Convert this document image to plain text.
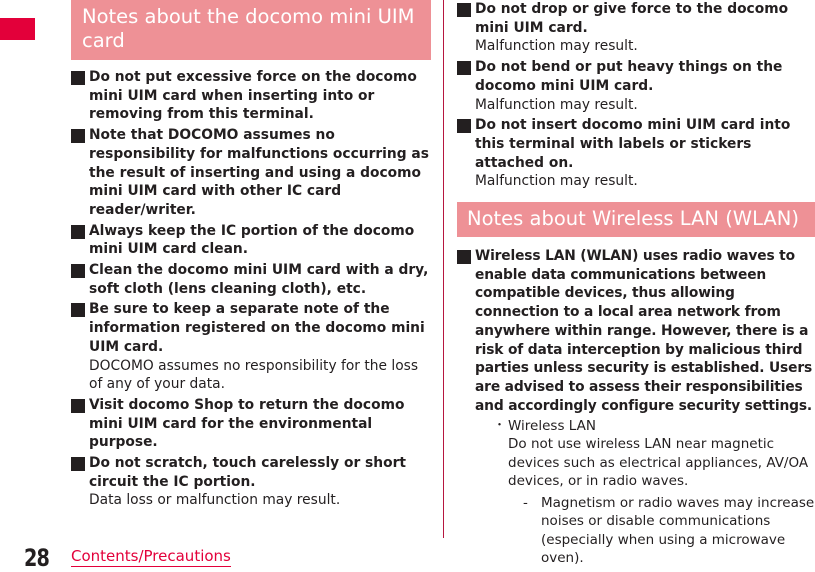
Notes about the docomo mini UIM card
Do not put excessive force on the docomo mini UIM card when inserting into or removing from this terminal.
Note that DOCOMO assumes no responsibility for malfunctions occurring as the result of inserting and using a docomo mini UIM card with other IC card reader/writer.
Always keep the IC portion of the docomo mini UIM card clean.
Clean the docomo mini UIM card with a dry, soft cloth (lens cleaning cloth), etc.
Be sure to keep a separate note of the information registered on the docomo mini UIM card.
DOCOMO assumes no responsibility for the loss of any of your data.
Visit docomo Shop to return the docomo mini UIM card for the environmental purpose.
Do not scratch, touch carelessly or short circuit the IC portion.
Data loss or malfunction may result.
Do not drop or give force to the docomo mini UIM card.
Malfunction may result.
Do not bend or put heavy things on the docomo mini UIM card.
Malfunction may result.
Do not insert docomo mini UIM card into this terminal with labels or stickers attached on.
Malfunction may result.
Notes about Wireless LAN (WLAN)
Wireless LAN (WLAN) uses radio waves to enable data communications between compatible devices, thus allowing connection to a local area network from anywhere within range. However, there is a risk of data interception by malicious third parties unless security is established. Users are advised to assess their responsibilities and accordingly configure security settings.
・ Wireless LAN
Do not use wireless LAN near magnetic devices such as electrical appliances, AV/OA devices, or in radio waves.
- Magnetism or radio waves may increase noises or disable communications (especially when using a microwave oven).
28 Contents/Precautions
